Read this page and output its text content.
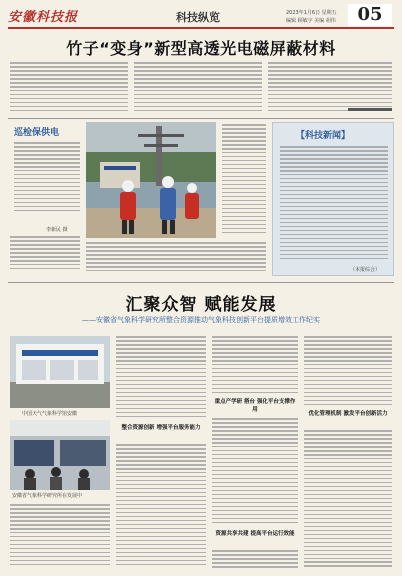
安徽科技报	科技纵览	2023年1月6日 星期五
编辑 顾敏宇 美编 胡伟	05
竹子“变身”新型高透光电磁屏蔽材料
巡检保供电
李新民 摄
【科技新闻】
（本报综合）
汇聚众智 赋能发展
——安徽省气象科学研究所整合资源推动气象科技创新平台提质增效工作纪实
中国天气气象科学馆安徽
安徽省气象科学研究所在发展中
整合资源创新 增强平台服务能力
重点产学研 搭台 强化平台支撑作用
资源共享共建 提高平台运行效能
优化管理机制 激发平台创新活力
